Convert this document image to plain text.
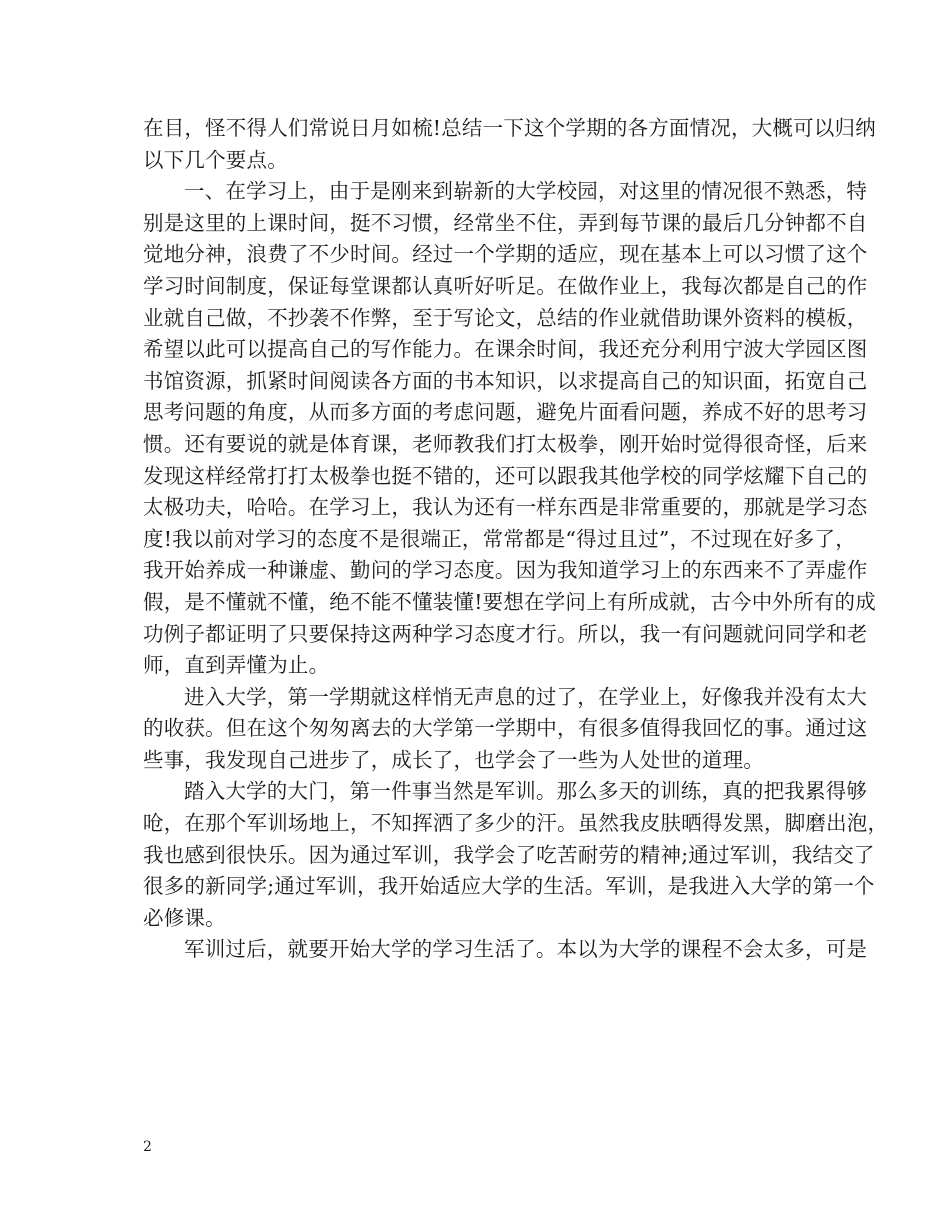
在目，怪不得人们常说日月如梳!总结一下这个学期的各方面情况，大概可以归纳
以下几个要点。
一、在学习上，由于是刚来到崭新的大学校园，对这里的情况很不熟悉，特
别是这里的上课时间，挺不习惯，经常坐不住，弄到每节课的最后几分钟都不自
觉地分神，浪费了不少时间。经过一个学期的适应，现在基本上可以习惯了这个
学习时间制度，保证每堂课都认真听好听足。在做作业上，我每次都是自己的作
业就自己做，不抄袭不作弊，至于写论文，总结的作业就借助课外资料的模板，
希望以此可以提高自己的写作能力。在课余时间，我还充分利用宁波大学园区图
书馆资源，抓紧时间阅读各方面的书本知识，以求提高自己的知识面，拓宽自己
思考问题的角度，从而多方面的考虑问题，避免片面看问题，养成不好的思考习
惯。还有要说的就是体育课，老师教我们打太极拳，刚开始时觉得很奇怪，后来
发现这样经常打打太极拳也挺不错的，还可以跟我其他学校的同学炫耀下自己的
太极功夫，哈哈。在学习上，我认为还有一样东西是非常重要的，那就是学习态
度!我以前对学习的态度不是很端正，常常都是“得过且过”，不过现在好多了，
我开始养成一种谦虚、勤问的学习态度。因为我知道学习上的东西来不了弄虚作
假，是不懂就不懂，绝不能不懂装懂!要想在学问上有所成就，古今中外所有的成
功例子都证明了只要保持这两种学习态度才行。所以，我一有问题就问同学和老
师，直到弄懂为止。
进入大学，第一学期就这样悄无声息的过了，在学业上，好像我并没有太大
的收获。但在这个匆匆离去的大学第一学期中，有很多值得我回忆的事。通过这
些事，我发现自己进步了，成长了，也学会了一些为人处世的道理。
踏入大学的大门，第一件事当然是军训。那么多天的训练，真的把我累得够
呛，在那个军训场地上，不知挥洒了多少的汗。虽然我皮肤晒得发黑，脚磨出泡，
我也感到很快乐。因为通过军训，我学会了吃苦耐劳的精神;通过军训，我结交了
很多的新同学;通过军训，我开始适应大学的生活。军训，是我进入大学的第一个
必修课。
军训过后，就要开始大学的学习生活了。本以为大学的课程不会太多，可是
2
